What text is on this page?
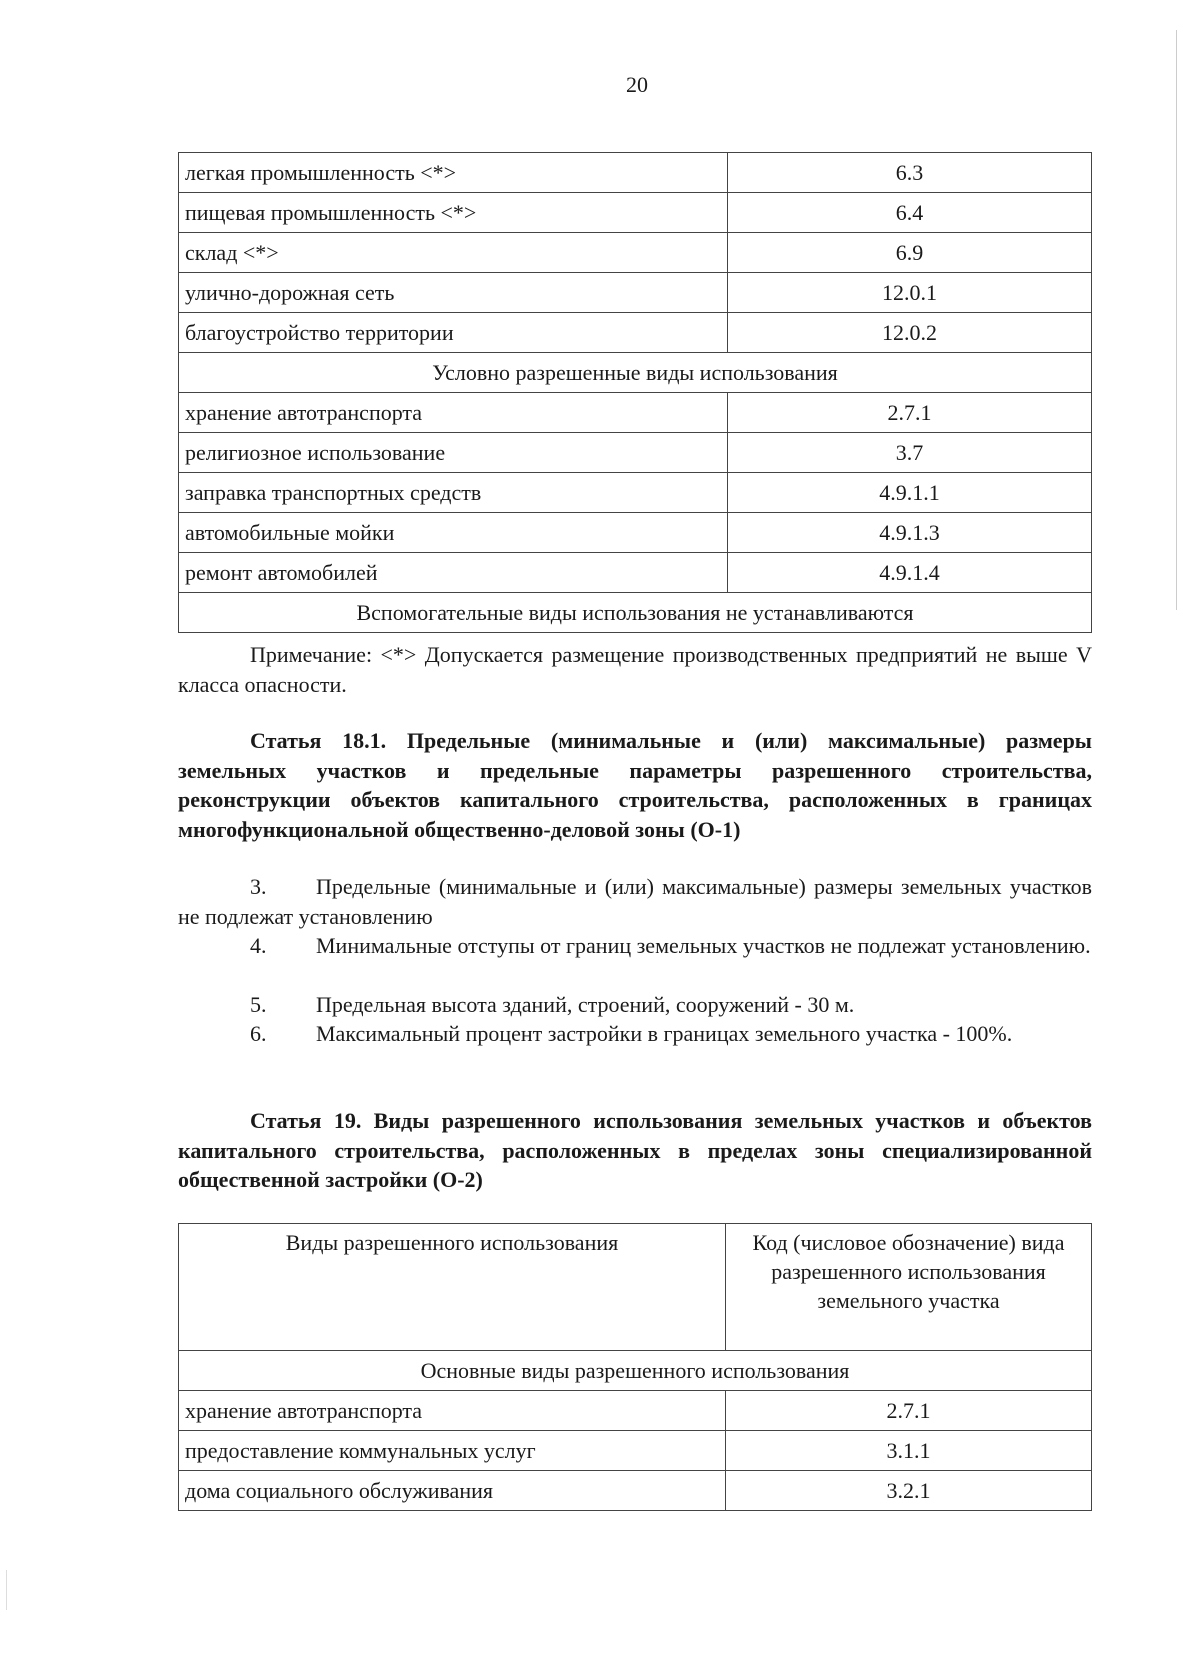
20
легкая промышленность <*>	6.3
пищевая промышленность <*>	6.4
склад <*>	6.9
улично-дорожная сеть	12.0.1
благоустройство территории	12.0.2
Условно разрешенные виды использования	
хранение автотранспорта	2.7.1
религиозное использование	3.7
заправка транспортных средств	4.9.1.1
автомобильные мойки	4.9.1.3
ремонт автомобилей	4.9.1.4
Вспомогательные виды использования не устанавливаются	
Примечание: <*> Допускается размещение производственных предприятий не выше V класса опасности.
Статья 18.1. Предельные (минимальные и (или) максимальные) размеры земельных участков и предельные параметры разрешенного строительства, реконструкции объектов капитального строительства, расположенных в границах многофункциональной общественно-деловой зоны (О-1)
3. Предельные (минимальные и (или) максимальные) размеры земельных участков не подлежат установлению
4. Минимальные отступы от границ земельных участков не подлежат установлению.
5. Предельная высота зданий, строений, сооружений - 30 м.
6. Максимальный процент застройки в границах земельного участка - 100%.
Статья 19. Виды разрешенного использования земельных участков и объектов капитального строительства, расположенных в пределах зоны специализированной общественной застройки (О-2)
Виды разрешенного использования	Код (числовое обозначение) вида разрешенного использования земельного участка
Основные виды разрешенного использования	
хранение автотранспорта	2.7.1
предоставление коммунальных услуг	3.1.1
дома социального обслуживания	3.2.1
